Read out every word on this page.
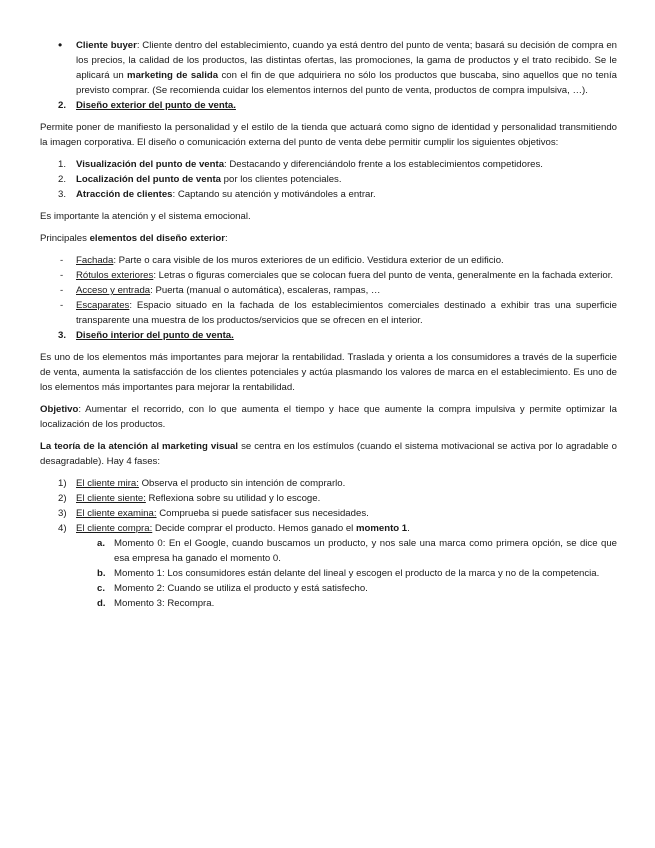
• Cliente buyer: Cliente dentro del establecimiento, cuando ya está dentro del punto de venta; basará su decisión de compra en los precios, la calidad de los productos, las distintas ofertas, las promociones, la gama de productos y el trato recibido. Se le aplicará un marketing de salida con el fin de que adquiriera no sólo los productos que buscaba, sino aquellos que no tenía previsto comprar. (Se recomienda cuidar los elementos internos del punto de venta, productos de compra impulsiva, …).
2.	Diseño exterior del punto de venta.

Permite poner de manifiesto la personalidad y el estilo de la tienda que actuará como signo de identidad y personalidad transmitiendo la imagen corporativa. El diseño o comunicación externa del punto de venta debe permitir cumplir los siguientes objetivos:

1.	Visualización del punto de venta: Destacando y diferenciándolo frente a los establecimientos competidores.
2.	Localización del punto de venta por los clientes potenciales.
3.	Atracción de clientes: Captando su atención y motivándoles a entrar.

Es importante la atención y el sistema emocional.

Principales elementos del diseño exterior:

- Fachada: Parte o cara visible de los muros exteriores de un edificio. Vestidura exterior de un edificio.
- Rótulos exteriores: Letras o figuras comerciales que se colocan fuera del punto de venta, generalmente en la fachada exterior.
- Acceso y entrada: Puerta (manual o automática), escaleras, rampas, …
- Escaparates: Espacio situado en la fachada de los establecimientos comerciales destinado a exhibir tras una superficie transparente una muestra de los productos/servicios que se ofrecen en el interior.
3.	Diseño interior del punto de venta.

Es uno de los elementos más importantes para mejorar la rentabilidad. Traslada y orienta a los consumidores a través de la superficie de venta, aumenta la satisfacción de los clientes potenciales y actúa plasmando los valores de marca en el establecimiento. Es uno de los elementos más importantes para mejorar la rentabilidad.

Objetivo: Aumentar el recorrido, con lo que aumenta el tiempo y hace que aumente la compra impulsiva y permite optimizar la localización de los productos.

La teoría de la atención al marketing visual se centra en los estímulos (cuando el sistema motivacional se activa por lo agradable o desagradable). Hay 4 fases:

1) El cliente mira: Observa el producto sin intención de comprarlo.
2) El cliente siente: Reflexiona sobre su utilidad y lo escoge.
3) El cliente examina: Comprueba si puede satisfacer sus necesidades.
4) El cliente compra: Decide comprar el producto. Hemos ganado el momento 1.
a. Momento 0: En el Google, cuando buscamos un producto, y nos sale una marca como primera opción, se dice que esa empresa ha ganado el momento 0.
b. Momento 1: Los consumidores están delante del lineal y escogen el producto de la marca y no de la competencia.
c. Momento 2: Cuando se utiliza el producto y está satisfecho.
d. Momento 3: Recompra.
